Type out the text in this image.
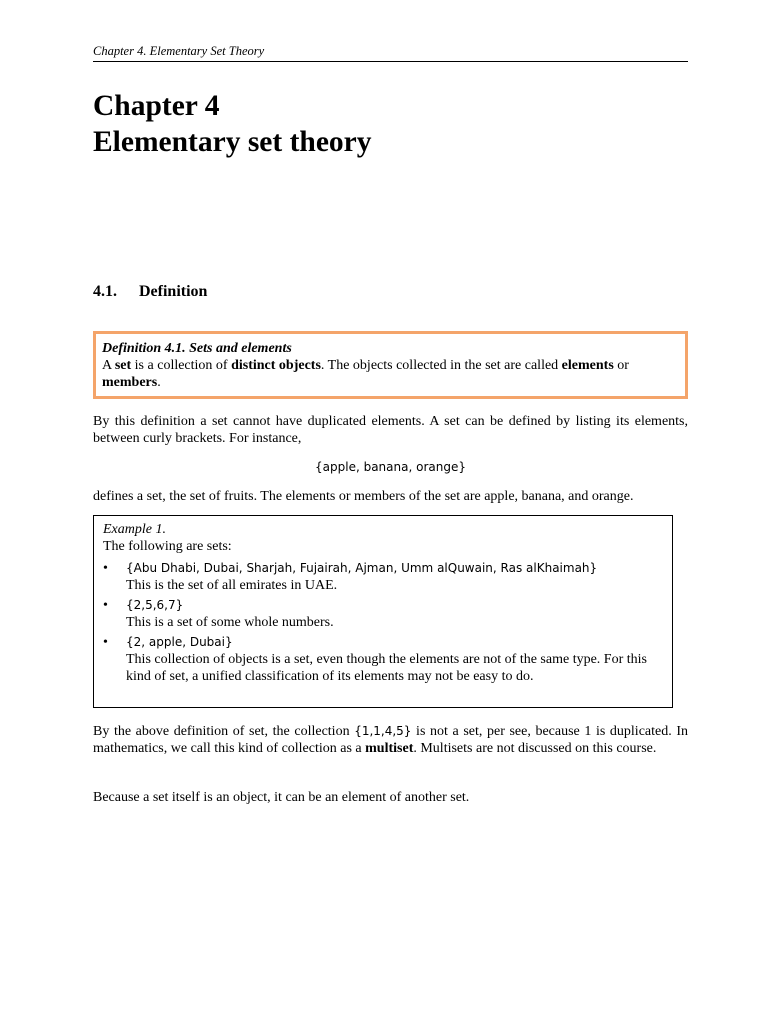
Chapter 4. Elementary Set Theory
Chapter 4
Elementary set theory
4.1. Definition
Definition 4.1. Sets and elements
A set is a collection of distinct objects. The objects collected in the set are called elements or members.

By this definition a set cannot have duplicated elements. A set can be defined by listing its elements, between curly brackets. For instance,

{apple, banana, orange}

defines a set, the set of fruits. The elements or members of the set are apple, banana, and orange.

Example 1.
The following are sets:
• {Abu Dhabi, Dubai, Sharjah, Fujairah, Ajman, Umm alQuwain, Ras alKhaimah}
This is the set of all emirates in UAE.
• {2,5,6,7}
This is a set of some whole numbers.
• {2, apple, Dubai}
This collection of objects is a set, even though the elements are not of the same type. For this kind of set, a unified classification of its elements may not be easy to do.

By the above definition of set, the collection {1,1,4,5} is not a set, per see, because 1 is duplicated. In mathematics, we call this kind of collection as a multiset. Multisets are not discussed on this course.

Because a set itself is an object, it can be an element of another set.
